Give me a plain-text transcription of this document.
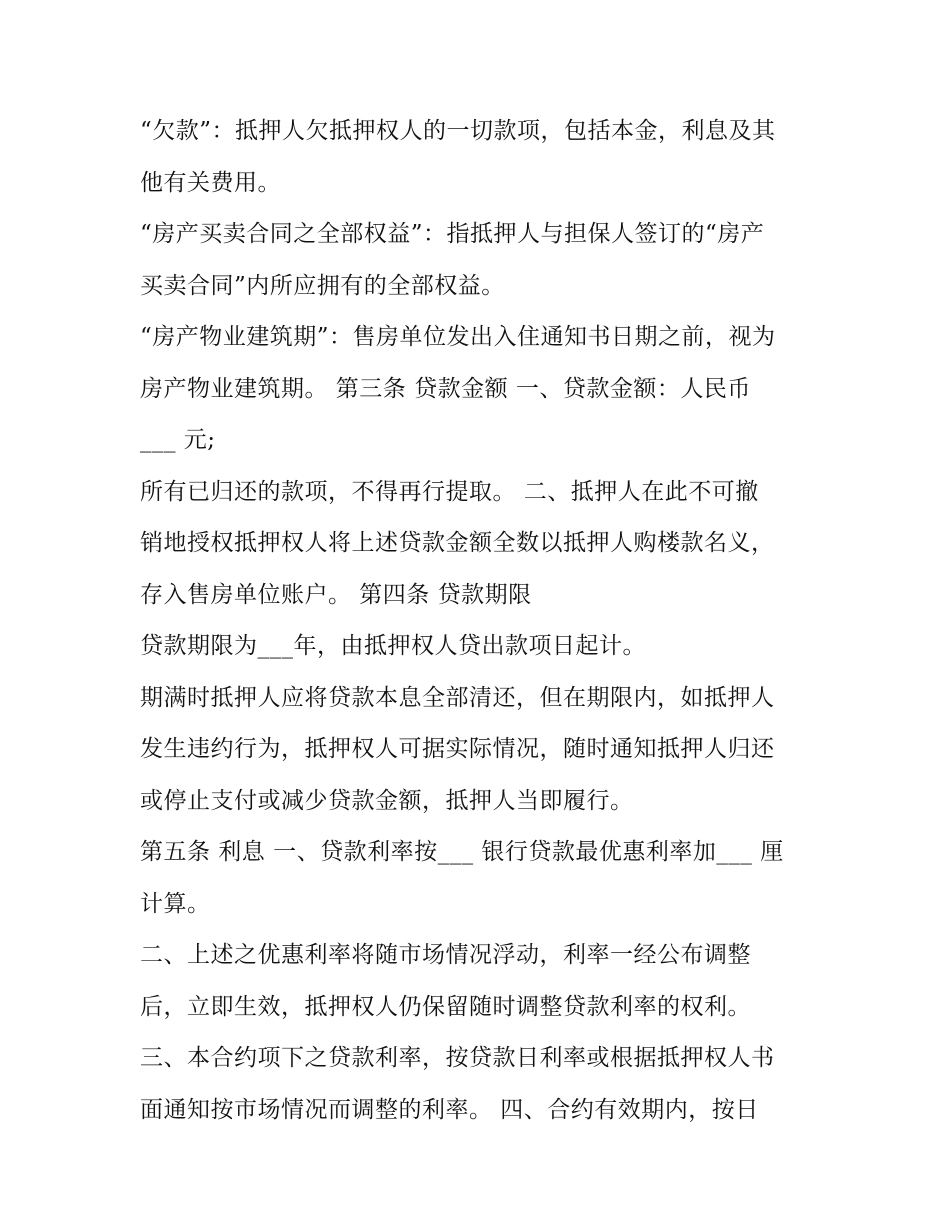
“欠款”：抵押人欠抵押权人的一切款项，包括本金，利息及其
他有关费用。
“房产买卖合同之全部权益”：指抵押人与担保人签订的“房产
买卖合同”内所应拥有的全部权益。
“房产物业建筑期”：售房单位发出入住通知书日期之前，视为
房产物业建筑期。 第三条 贷款金额 一、贷款金额：人民币
___ 元;
所有已归还的款项，不得再行提取。 二、抵押人在此不可撤
销地授权抵押权人将上述贷款金额全数以抵押人购楼款名义，
存入售房单位账户。 第四条 贷款期限
贷款期限为___年，由抵押权人贷出款项日起计。
期满时抵押人应将贷款本息全部清还，但在期限内，如抵押人
发生违约行为，抵押权人可据实际情况，随时通知抵押人归还
或停止支付或减少贷款金额，抵押人当即履行。
第五条 利息 一、贷款利率按___ 银行贷款最优惠利率加___ 厘
计算。
二、上述之优惠利率将随市场情况浮动，利率一经公布调整
后，立即生效，抵押权人仍保留随时调整贷款利率的权利。
三、本合约项下之贷款利率，按贷款日利率或根据抵押权人书
面通知按市场情况而调整的利率。 四、合约有效期内，按日
